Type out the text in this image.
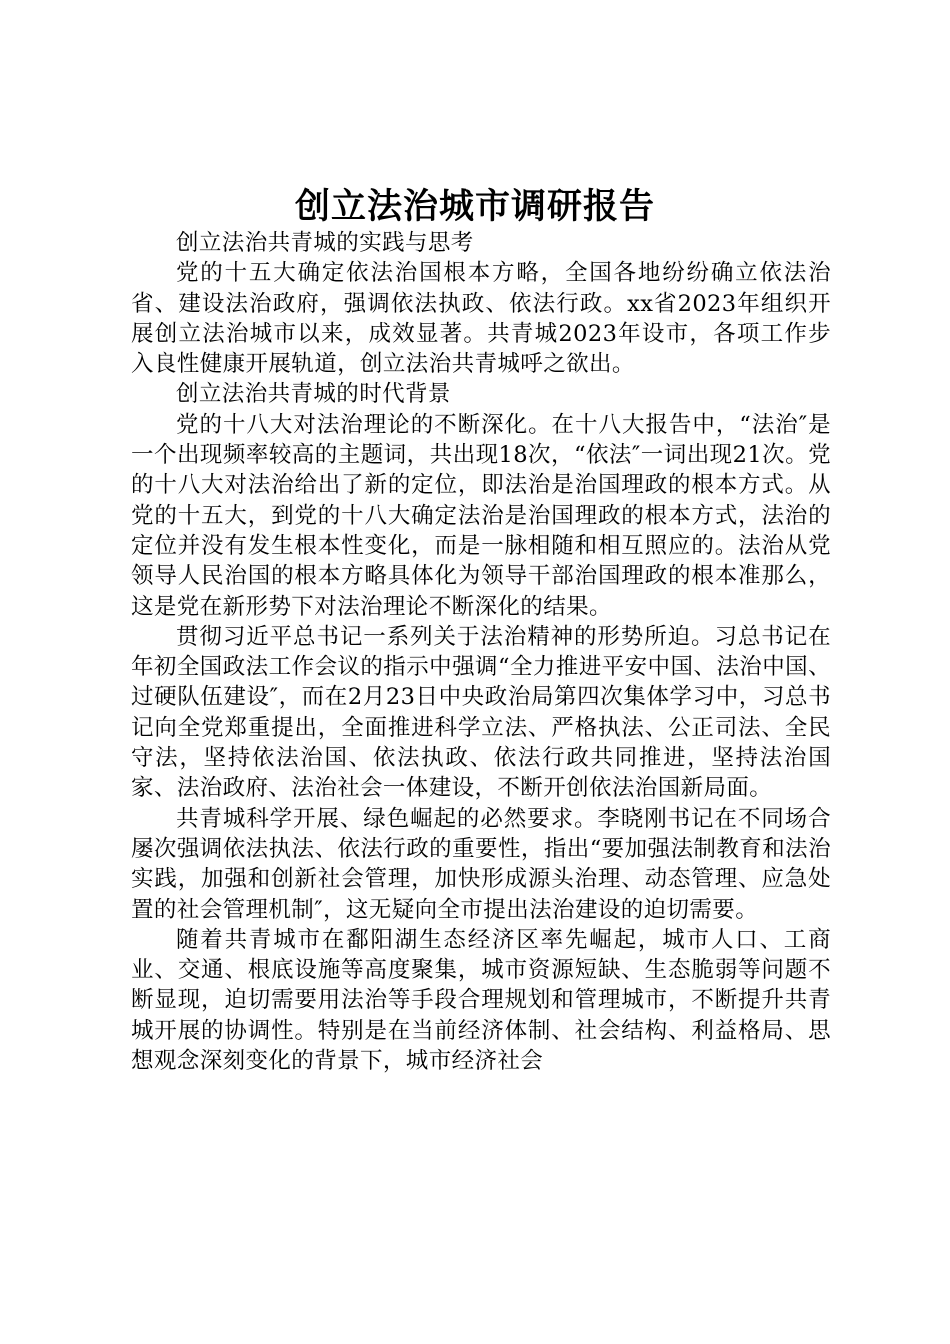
创立法治城市调研报告

创立法治共青城的实践与思考

党的十五大确定依法治国根本方略，全国各地纷纷确立依法治省、建设法治政府，强调依法执政、依法行政。xx省2023年组织开展创立法治城市以来，成效显著。共青城2023年设市，各项工作步入良性健康开展轨道，创立法治共青城呼之欲出。

创立法治共青城的时代背景

党的十八大对法治理论的不断深化。在十八大报告中，“法治″是一个出现频率较高的主题词，共出现18次，“依法″一词出现21次。党的十八大对法治给出了新的定位，即法治是治国理政的根本方式。从党的十五大，到党的十八大确定法治是治国理政的根本方式，法治的定位并没有发生根本性变化，而是一脉相随和相互照应的。法治从党领导人民治国的根本方略具体化为领导干部治国理政的根本准那么，这是党在新形势下对法治理论不断深化的结果。

贯彻习近平总书记一系列关于法治精神的形势所迫。习总书记在年初全国政法工作会议的指示中强调“全力推进平安中国、法治中国、过硬队伍建设″，而在2月23日中央政治局第四次集体学习中，习总书记向全党郑重提出，全面推进科学立法、严格执法、公正司法、全民守法，坚持依法治国、依法执政、依法行政共同推进，坚持法治国家、法治政府、法治社会一体建设，不断开创依法治国新局面。

共青城科学开展、绿色崛起的必然要求。李晓刚书记在不同场合屡次强调依法执法、依法行政的重要性，指出“要加强法制教育和法治实践，加强和创新社会管理，加快形成源头治理、动态管理、应急处置的社会管理机制″，这无疑向全市提出法治建设的迫切需要。

随着共青城市在鄱阳湖生态经济区率先崛起，城市人口、工商业、交通、根底设施等高度聚集，城市资源短缺、生态脆弱等问题不断显现，迫切需要用法治等手段合理规划和管理城市，不断提升共青城开展的协调性。特别是在当前经济体制、社会结构、利益格局、思想观念深刻变化的背景下，城市经济社会
